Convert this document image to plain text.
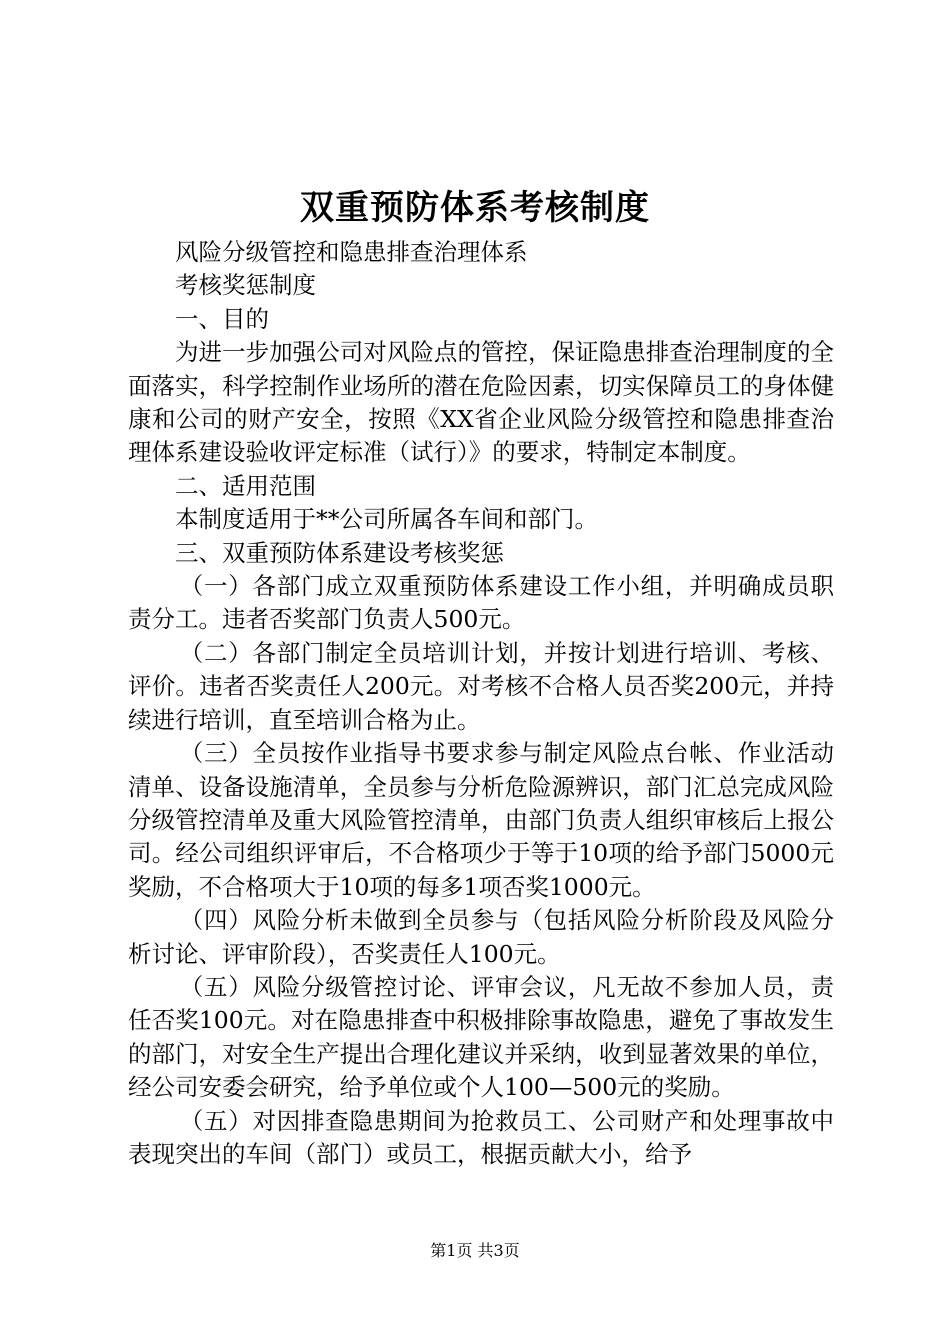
双重预防体系考核制度

风险分级管控和隐患排查治理体系

考核奖惩制度

一、目的

为进一步加强公司对风险点的管控，保证隐患排查治理制度的全面落实，科学控制作业场所的潜在危险因素，切实保障员工的身体健康和公司的财产安全，按照《XX省企业风险分级管控和隐患排查治理体系建设验收评定标准（试行）》的要求，特制定本制度。

二、适用范围

本制度适用于**公司所属各车间和部门。

三、双重预防体系建设考核奖惩

（一）各部门成立双重预防体系建设工作小组，并明确成员职责分工。违者否奖部门负责人500元。

（二）各部门制定全员培训计划，并按计划进行培训、考核、评价。违者否奖责任人200元。对考核不合格人员否奖200元，并持续进行培训，直至培训合格为止。

（三）全员按作业指导书要求参与制定风险点台帐、作业活动清单、设备设施清单，全员参与分析危险源辨识，部门汇总完成风险分级管控清单及重大风险管控清单，由部门负责人组织审核后上报公司。经公司组织评审后，不合格项少于等于10项的给予部门5000元奖励，不合格项大于10项的每多1项否奖1000元。

（四）风险分析未做到全员参与（包括风险分析阶段及风险分析讨论、评审阶段），否奖责任人100元。

（五）风险分级管控讨论、评审会议，凡无故不参加人员，责任否奖100元。对在隐患排查中积极排除事故隐患，避免了事故发生的部门，对安全生产提出合理化建议并采纳，收到显著效果的单位，经公司安委会研究，给予单位或个人100—500元的奖励。

（五）对因排查隐患期间为抢救员工、公司财产和处理事故中表现突出的车间（部门）或员工，根据贡献大小，给予

第1页 共3页
